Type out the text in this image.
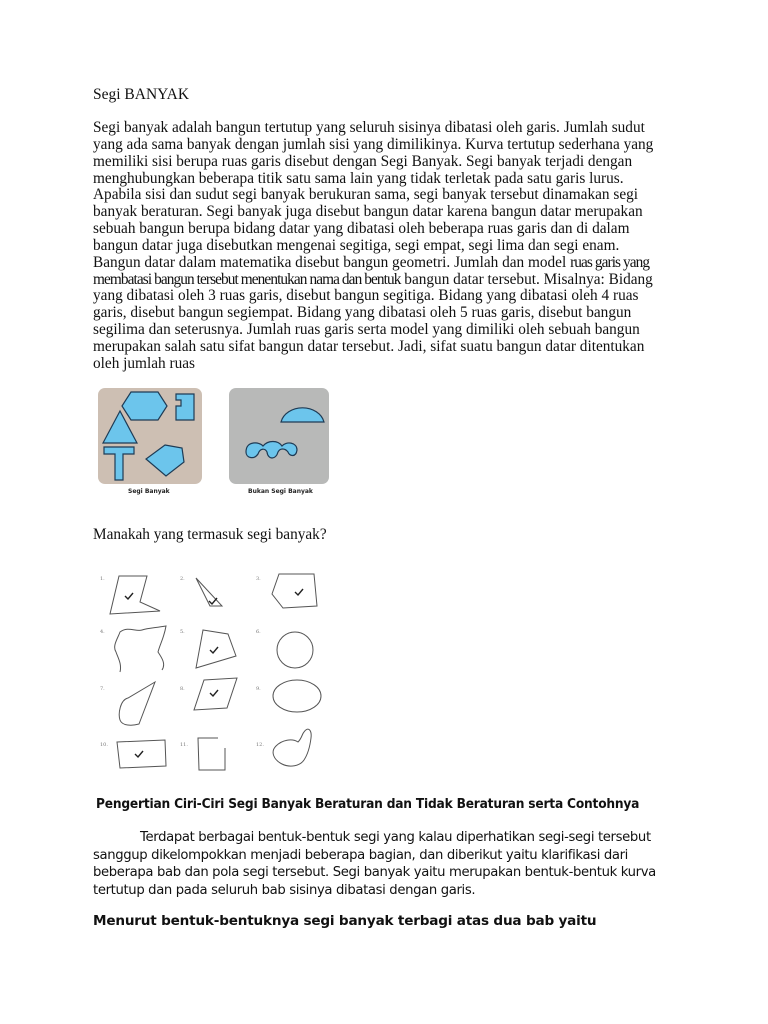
Segi BANYAK

Segi banyak adalah bangun tertutup yang seluruh sisinya dibatasi oleh garis. Jumlah sudut yang ada sama banyak dengan jumlah sisi yang dimilikinya. Kurva tertutup sederhana yang memiliki sisi berupa ruas garis disebut dengan Segi Banyak. Segi banyak terjadi dengan menghubungkan beberapa titik satu sama lain yang tidak terletak pada satu garis lurus. Apabila sisi dan sudut segi banyak berukuran sama, segi banyak tersebut dinamakan segi banyak beraturan. Segi banyak juga disebut bangun datar karena bangun datar merupakan sebuah bangun berupa bidang datar yang dibatasi oleh beberapa ruas garis dan di dalam bangun datar juga disebutkan mengenai segitiga, segi empat, segi lima dan segi enam. Bangun datar dalam matematika disebut bangun geometri. Jumlah dan model ruas garis yang membatasi bangun tersebut menentukan nama dan bentuk bangun datar tersebut. Misalnya: Bidang yang dibatasi oleh 3 ruas garis, disebut bangun segitiga. Bidang yang dibatasi oleh 4 ruas garis, disebut bangun segiempat. Bidang yang dibatasi oleh 5 ruas garis, disebut bangun segilima dan seterusnya. Jumlah ruas garis serta model yang dimiliki oleh sebuah bangun merupakan salah satu sifat bangun datar tersebut. Jadi, sifat suatu bangun datar ditentukan oleh jumlah ruas

Segi Banyak	Bukan Segi Banyak
Manakah yang termasuk segi banyak?
1.	2.	3.
4.	5.	6.
7.	8.	9.
10.	11.	12.
Pengertian Ciri-Ciri Segi Banyak Beraturan dan Tidak Beraturan serta Contohnya

Terdapat berbagai bentuk-bentuk segi yang kalau diperhatikan segi-segi tersebut sanggup dikelompokkan menjadi beberapa bagian, dan diberikut yaitu klarifikasi dari beberapa bab dan pola segi tersebut. Segi banyak yaitu merupakan bentuk-bentuk kurva tertutup dan pada seluruh bab sisinya dibatasi dengan garis.

Menurut bentuk-bentuknya segi banyak terbagi atas dua bab yaitu
